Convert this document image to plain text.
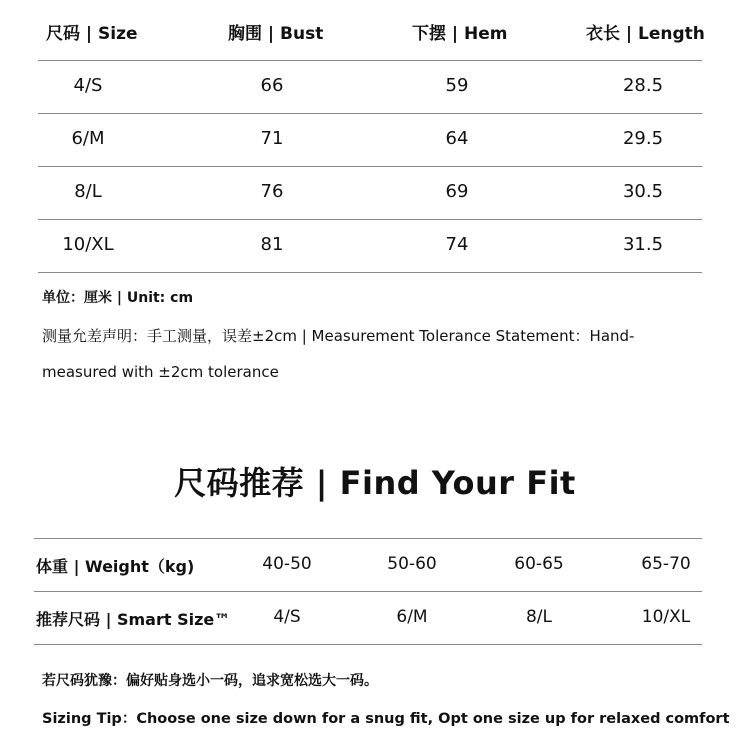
尺码 | Size	胸围 | Bust	下摆 | Hem	衣长 | Length
4/S	66	59	28.5
6/M	71	64	29.5
8/L	76	69	30.5
10/XL	81	74	31.5
单位：厘米 | Unit: cm
测量允差声明：手工测量，误差±2cm | Measurement Tolerance Statement：Hand-measured with ±2cm tolerance
尺码推荐 | Find Your Fit
体重 | Weight（kg)	40-50	50-60	60-65	65-70
推荐尺码 | Smart Size™	4/S	6/M	8/L	10/XL
若尺码犹豫：偏好贴身选小一码，追求宽松选大一码。
Sizing Tip：Choose one size down for a snug fit, Opt one size up for relaxed comfort
